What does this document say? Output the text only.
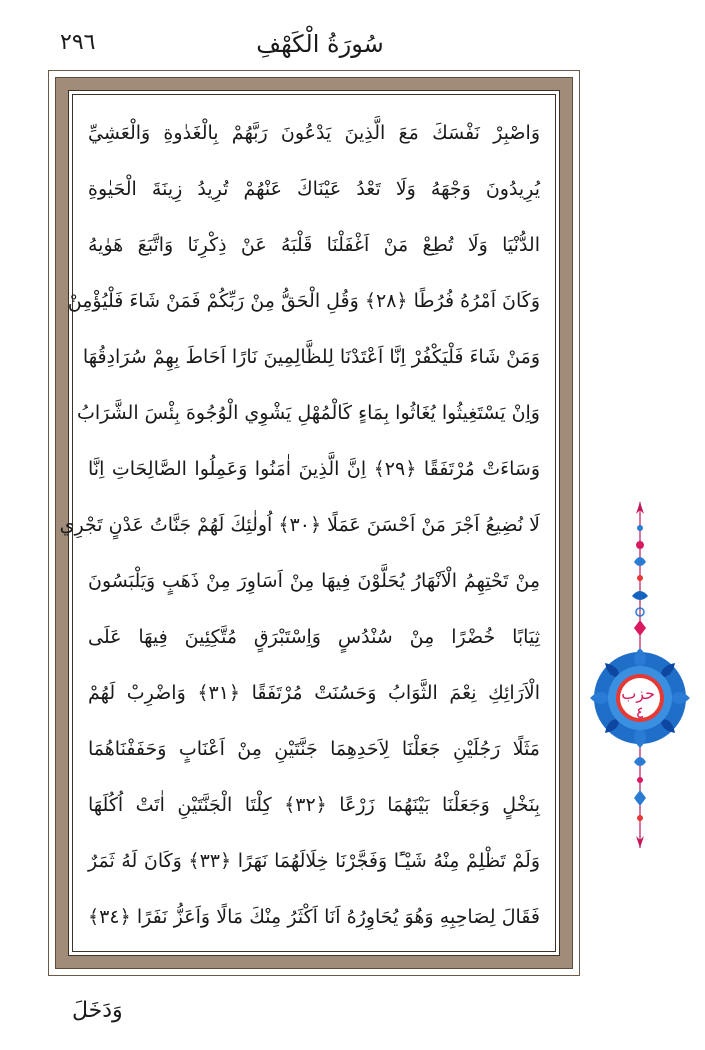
٢٩٦	سُورَةُ الْكَهْفِ
وَاصْبِرْ نَفْسَكَ مَعَ الَّذِينَ يَدْعُونَ رَبَّهُمْ بِالْغَدٰوةِ وَالْعَشِيِّ
يُرِيدُونَ وَجْهَهُ وَلَا تَعْدُ عَيْنَاكَ عَنْهُمْ تُرِيدُ زِينَةَ الْحَيٰوةِ
الدُّنْيَا وَلَا تُطِعْ مَنْ اَغْفَلْنَا قَلْبَهُ عَنْ ذِكْرِنَا وَاتَّبَعَ هَوٰيهُ
وَكَانَ اَمْرُهُ فُرُطًا ﴿٢٨﴾ وَقُلِ الْحَقُّ مِنْ رَبِّكُمْ فَمَنْ شَاءَ فَلْيُؤْمِنْ
وَمَنْ شَاءَ فَلْيَكْفُرْ اِنَّا اَعْتَدْنَا لِلظَّالِمِينَ نَارًا اَحَاطَ بِهِمْ سُرَادِقُهَا
وَاِنْ يَسْتَغِيثُوا يُغَاثُوا بِمَاءٍ كَالْمُهْلِ يَشْوِي الْوُجُوهَ بِئْسَ الشَّرَابُ
وَسَاءَتْ مُرْتَفَقًا ﴿٢٩﴾ اِنَّ الَّذِينَ اٰمَنُوا وَعَمِلُوا الصَّالِحَاتِ اِنَّا
لَا نُضِيعُ اَجْرَ مَنْ اَحْسَنَ عَمَلًا ﴿٣٠﴾ اُولٰئِكَ لَهُمْ جَنَّاتُ عَدْنٍ تَجْرِي
مِنْ تَحْتِهِمُ الْاَنْهَارُ يُحَلَّوْنَ فِيهَا مِنْ اَسَاوِرَ مِنْ ذَهَبٍ وَيَلْبَسُونَ
ثِيَابًا خُضْرًا مِنْ سُنْدُسٍ وَاِسْتَبْرَقٍ مُتَّكِئِينَ فِيهَا عَلَى
الْاَرَائِكِ نِعْمَ الثَّوَابُ وَحَسُنَتْ مُرْتَفَقًا ﴿٣١﴾ وَاضْرِبْ لَهُمْ
مَثَلًا رَجُلَيْنِ جَعَلْنَا لِاَحَدِهِمَا جَنَّتَيْنِ مِنْ اَعْنَابٍ وَحَفَفْنَاهُمَا
بِنَخْلٍ وَجَعَلْنَا بَيْنَهُمَا زَرْعًا ﴿٣٢﴾ كِلْتَا الْجَنَّتَيْنِ اٰتَتْ اُكُلَهَا
وَلَمْ تَظْلِمْ مِنْهُ شَيْـًٔا وَفَجَّرْنَا خِلَالَهُمَا نَهَرًا ﴿٣٣﴾ وَكَانَ لَهُ ثَمَرٌ
فَقَالَ لِصَاحِبِهِ وَهُوَ يُحَاوِرُهُ اَنَا اَكْثَرُ مِنْكَ مَالًا وَاَعَزُّ نَفَرًا ﴿٣٤﴾
وَدَخَلَ
حزب ٤
